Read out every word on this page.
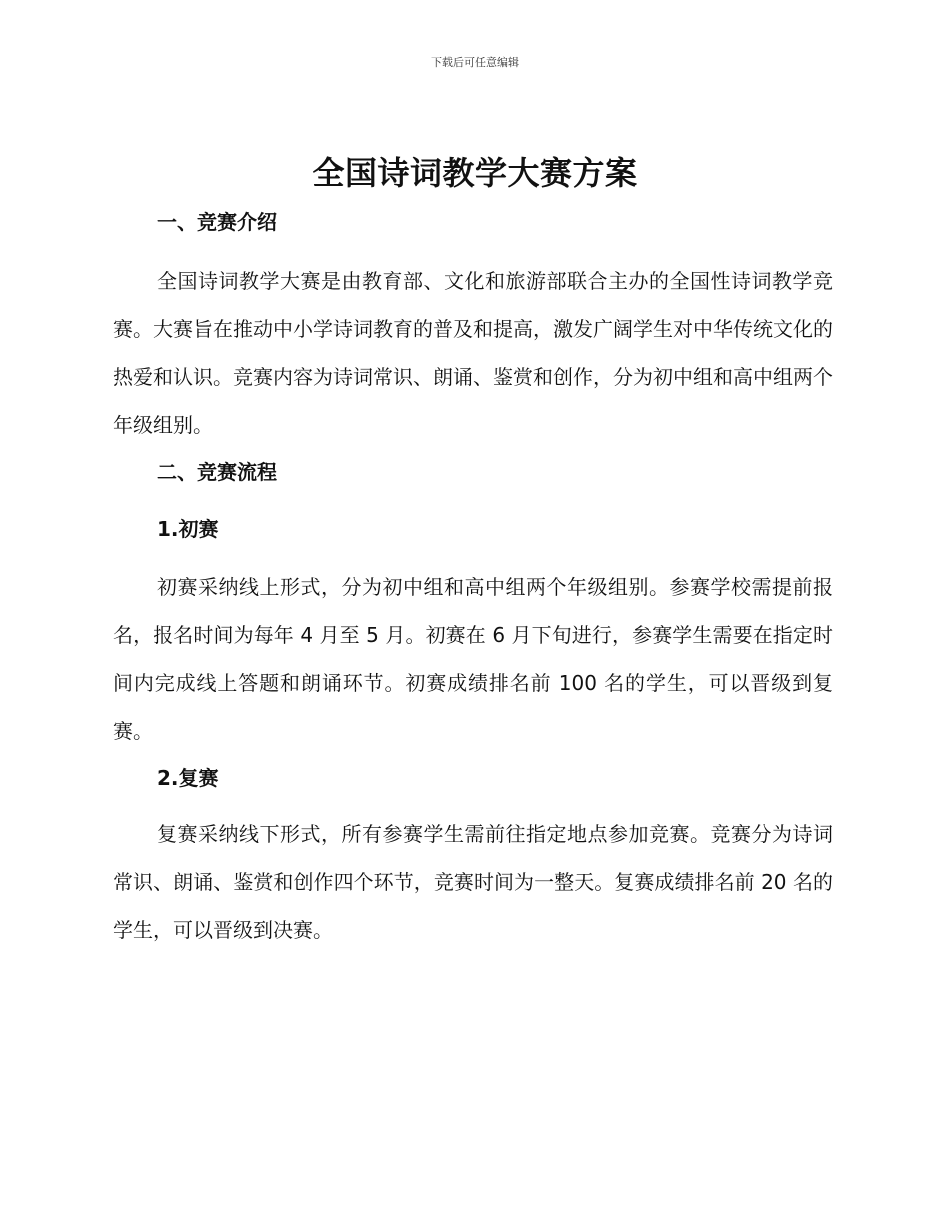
下载后可任意编辑
全国诗词教学大赛方案
一、竞赛介绍

全国诗词教学大赛是由教育部、文化和旅游部联合主办的全国性诗词教学竞赛。大赛旨在推动中小学诗词教育的普及和提高，激发广阔学生对中华传统文化的热爱和认识。竞赛内容为诗词常识、朗诵、鉴赏和创作，分为初中组和高中组两个年级组别。

二、竞赛流程
1.初赛

初赛采纳线上形式，分为初中组和高中组两个年级组别。参赛学校需提前报名，报名时间为每年 4 月至 5 月。初赛在 6 月下旬进行，参赛学生需要在指定时间内完成线上答题和朗诵环节。初赛成绩排名前 100 名的学生，可以晋级到复赛。

2.复赛

复赛采纳线下形式，所有参赛学生需前往指定地点参加竞赛。竞赛分为诗词常识、朗诵、鉴赏和创作四个环节，竞赛时间为一整天。复赛成绩排名前 20 名的学生，可以晋级到决赛。
